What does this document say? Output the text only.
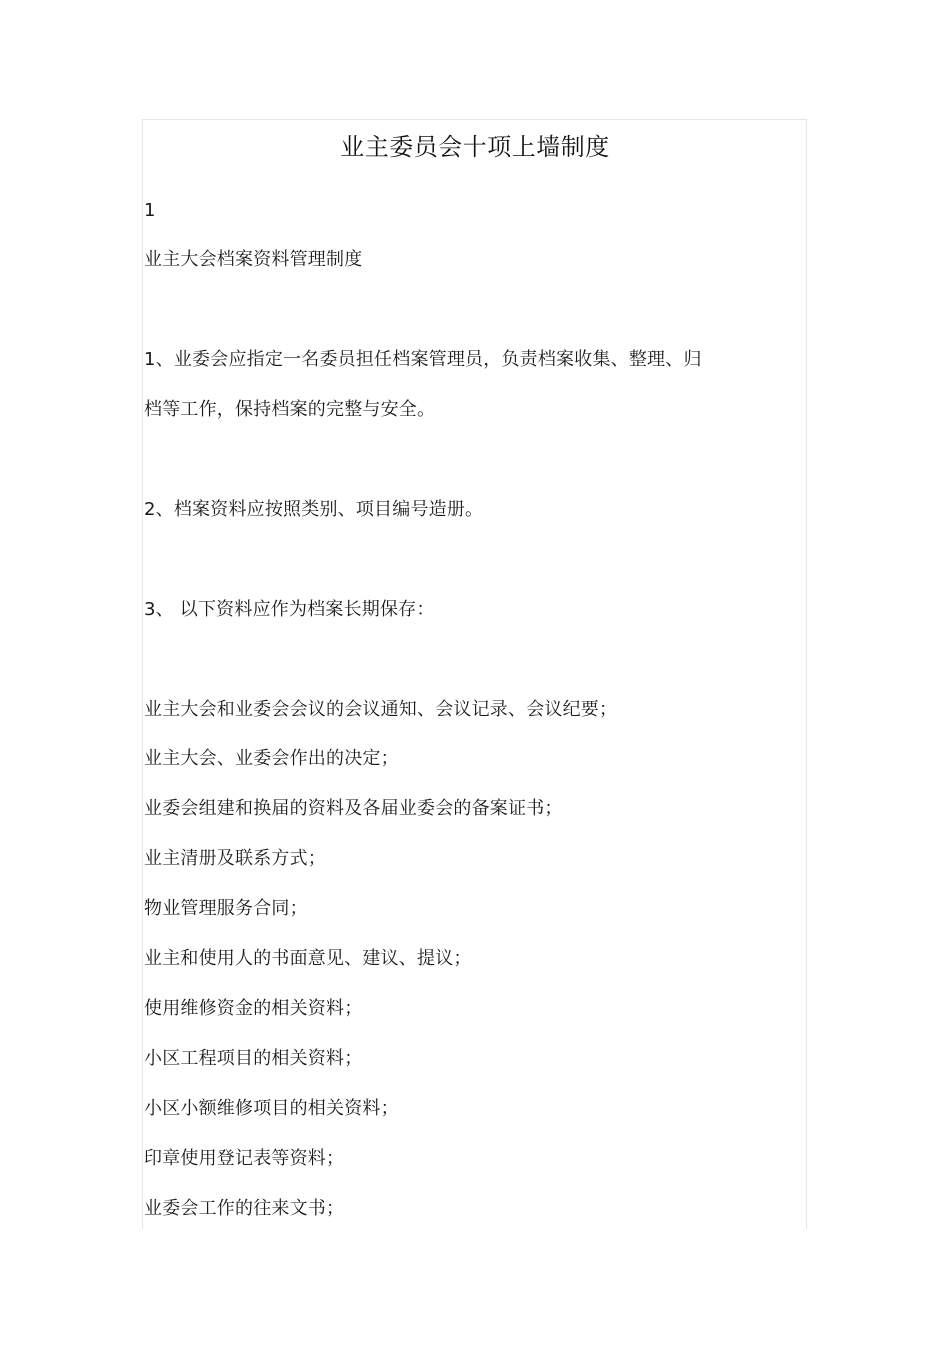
业主委员会十项上墙制度
1
业主大会档案资料管理制度
1、业委会应指定一名委员担任档案管理员，负责档案收集、整理、归
档等工作，保持档案的完整与安全。
2、档案资料应按照类别、项目编号造册。
3、 以下资料应作为档案长期保存：
业主大会和业委会会议的会议通知、会议记录、会议纪要；
业主大会、业委会作出的决定；
业委会组建和换届的资料及各届业委会的备案证书；
业主清册及联系方式；
物业管理服务合同；
业主和使用人的书面意见、建议、提议；
使用维修资金的相关资料；
小区工程项目的相关资料；
小区小额维修项目的相关资料；
印章使用登记表等资料；
业委会工作的往来文书；
